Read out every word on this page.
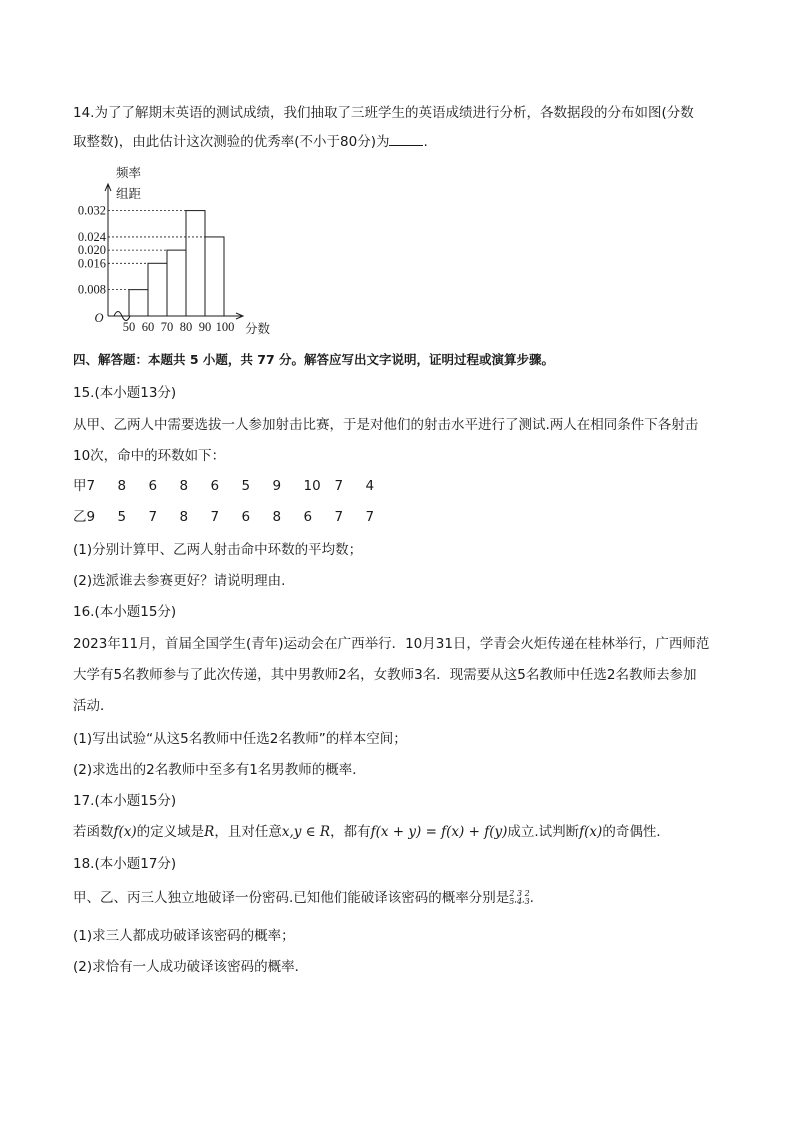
14.为了了解期末英语的测试成绩，我们抽取了三班学生的英语成绩进行分析，各数据段的分布如图(分数
取整数)，由此估计这次测验的优秀率(不小于80分)为	.
0.032
0.024
0.020
0.016
0.008
50 60 70 80 90 100
O
频率
组距
分数
四、解答题：本题共 5 小题，共 77 分。解答应写出文字说明，证明过程或演算步骤。
15.(本小题13分)
从甲、乙两人中需要选拔一人参加射击比赛，于是对他们的射击水平进行了测试.两人在相同条件下各射击
10次，命中的环数如下：
甲7 8 6 8 6 5 9 10 7 4
乙9 5 7 8 7 6 8 6 7 7
(1)分别计算甲、乙两人射击命中环数的平均数；
(2)选派谁去参赛更好？请说明理由.
16.(本小题15分)
2023年11月，首届全国学生(青年)运动会在广西举行．10月31日，学青会火炬传递在桂林举行，广西师范
大学有5名教师参与了此次传递，其中男教师2名，女教师3名．现需要从这5名教师中任选2名教师去参加
活动．
(1)写出试验“从这5名教师中任选2名教师”的样本空间；
(2)求选出的2名教师中至多有1名男教师的概率．
17.(本小题15分)
若函数f(x)的定义域是R，且对任意x,y ∈ R，都有f(x + y) = f(x) + f(y)成立.试判断f(x)的奇偶性．
18.(本小题17分)
甲、乙、丙三人独立地破译一份密码.已知他们能破译该密码的概率分别是 2
5 ,
3
4 ,
2
3 .
(1)求三人都成功破译该密码的概率；
(2)求恰有一人成功破译该密码的概率．
